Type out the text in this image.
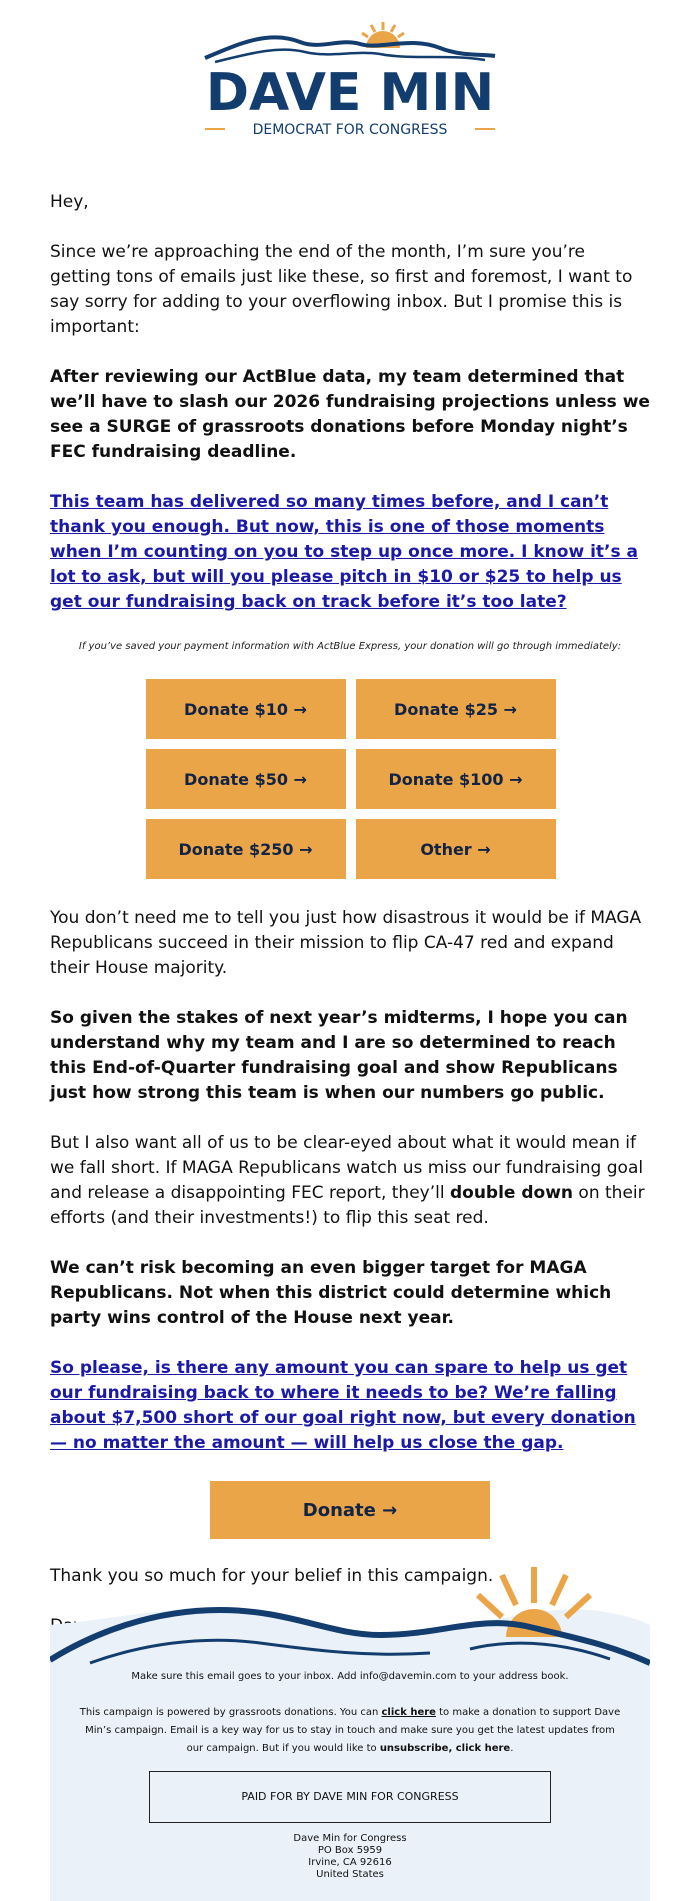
DAVE MIN
DEMOCRAT FOR CONGRESS

Hey,

Since we’re approaching the end of the month, I’m sure you’re getting tons of emails just like these, so first and foremost, I want to say sorry for adding to your overflowing inbox. But I promise this is important:

After reviewing our ActBlue data, my team determined that we’ll have to slash our 2026 fundraising projections unless we see a SURGE of grassroots donations before Monday night’s FEC fundraising deadline.

This team has delivered so many times before, and I can’t thank you enough. But now, this is one of those moments when I’m counting on you to step up once more. I know it’s a lot to ask, but will you please pitch in $10 or $25 to help us get our fundraising back on track before it’s too late?

If you’ve saved your payment information with ActBlue Express, your donation will go through immediately:
Donate $10 →	Donate $25 →
Donate $50 →	Donate $100 →
Donate $250 →	Other →

You don’t need me to tell you just how disastrous it would be if MAGA Republicans succeed in their mission to flip CA-47 red and expand their House majority.

So given the stakes of next year’s midterms, I hope you can understand why my team and I are so determined to reach this End-of-Quarter fundraising goal and show Republicans just how strong this team is when our numbers go public.

But I also want all of us to be clear-eyed about what it would mean if we fall short. If MAGA Republicans watch us miss our fundraising goal and release a disappointing FEC report, they’ll double down on their efforts (and their investments!) to flip this seat red.

We can’t risk becoming an even bigger target for MAGA Republicans. Not when this district could determine which party wins control of the House next year.

So please, is there any amount you can spare to help us get our fundraising back to where it needs to be? We’re falling about $7,500 short of our goal right now, but every donation — no matter the amount — will help us close the gap.

Donate →

Thank you so much for your belief in this campaign.

Make sure this email goes to your inbox. Add info@davemin.com to your address book.
This campaign is powered by grassroots donations. You can click here to make a donation to support Dave Min’s campaign. Email is a key way for us to stay in touch and make sure you get the latest updates from our campaign. But if you would like to unsubscribe, click here.
PAID FOR BY DAVE MIN FOR CONGRESS
Dave Min for Congress
PO Box 5959
Irvine, CA 92616
United States
